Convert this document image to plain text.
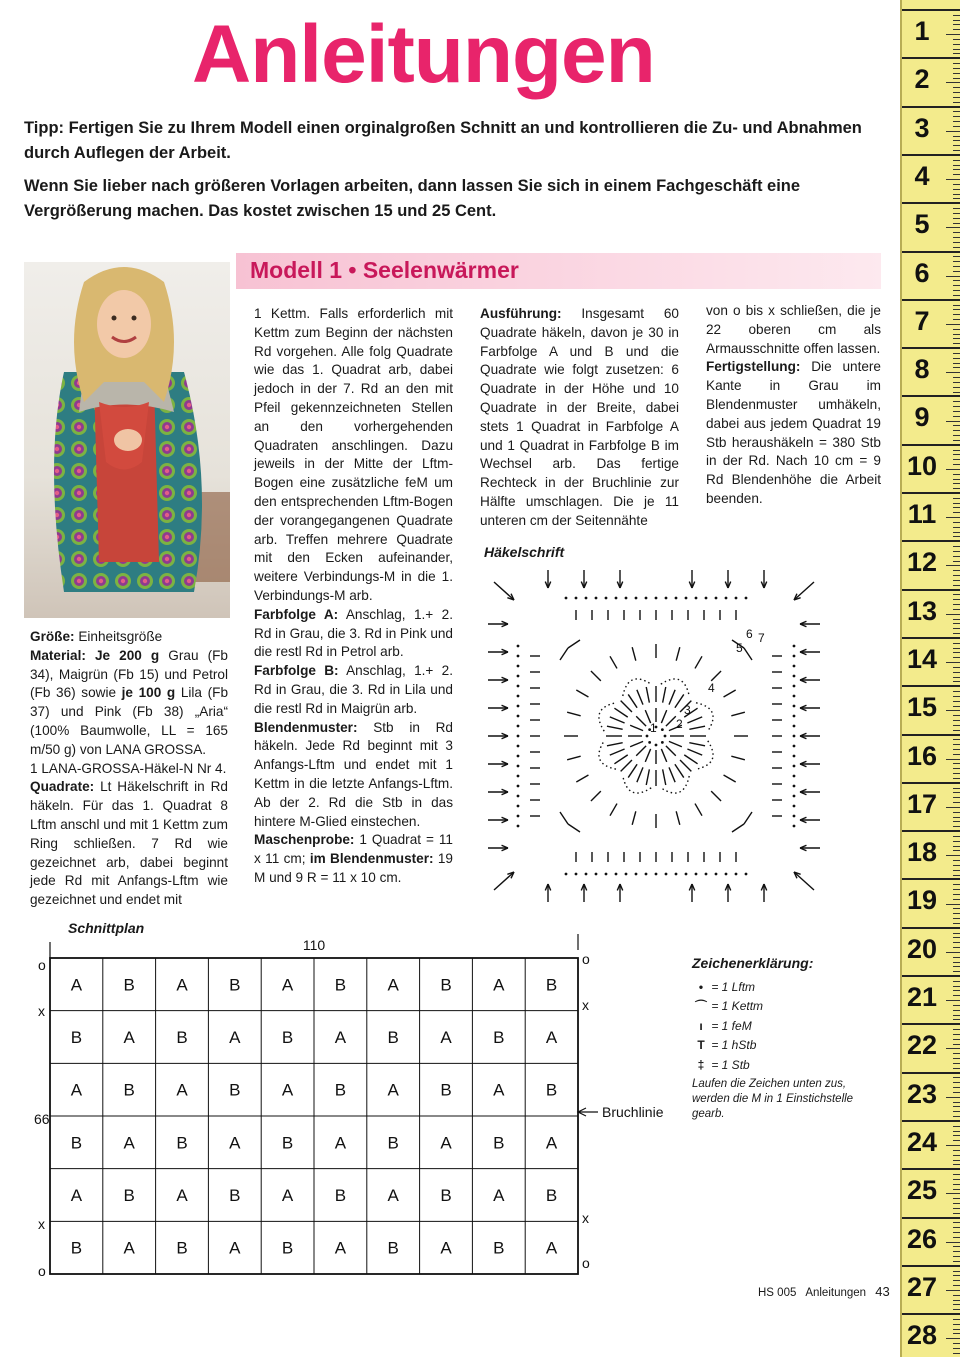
Anleitungen
Tipp: Fertigen Sie zu Ihrem Modell einen orginalgroßen Schnitt an und kontrollieren die Zu- und Abnahmen durch Auflegen der Arbeit.
Wenn Sie lieber nach größeren Vorlagen arbeiten, dann lassen Sie sich in einem Fachgeschäft eine Vergrößerung machen. Das kostet zwischen 15 und 25 Cent.
Modell 1 • Seelenwärmer

Größe: Einheitsgröße

Material: Je 200 g Grau (Fb 34), Maigrün (Fb 15) und Petrol (Fb 36) sowie je 100 g Lila (Fb 37) und Pink (Fb 38) „Aria“ (100% Baumwolle, LL = 165 m/50 g) von LANA GROSSA.

1 LANA-GROSSA-Häkel-N Nr 4.

Quadrate: Lt Häkelschrift in Rd häkeln. Für das 1. Quadrat 8 Lftm anschl und mit 1 Kettm zum Ring schließen. 7 Rd wie gezeichnet arb, dabei beginnt jede Rd mit Anfangs-Lftm wie gezeichnet und endet mit

1 Kettm. Falls erforderlich mit Kettm zum Beginn der nächsten Rd vorgehen. Alle folg Quadrate wie das 1. Quadrat arb, dabei jedoch in der 7. Rd an den mit Pfeil gekennzeichneten Stellen an den vorhergehenden Quadraten anschlingen. Dazu jeweils in der Mitte der Lftm-Bogen eine zusätzliche feM um den entsprechenden Lftm-Bogen der vorangegangenen Quadrate arb. Treffen mehrere Quadrate mit den Ecken aufeinander, weitere Verbindungs-M in die 1. Verbindungs-M arb.

Farbfolge A: Anschlag, 1.+ 2. Rd in Grau, die 3. Rd in Pink und die restl Rd in Petrol arb.

Farbfolge B: Anschlag, 1.+ 2. Rd in Grau, die 3. Rd in Lila und die restl Rd in Maigrün arb.

Blendenmuster: Stb in Rd häkeln. Jede Rd beginnt mit 3 Anfangs-Lftm und endet mit 1 Kettm in die letzte Anfangs-Lftm. Ab der 2. Rd die Stb in das hintere M-Glied einstechen.

Maschenprobe: 1 Quadrat = 11 x 11 cm; im Blendenmuster: 19 M und 9 R = 11 x 10 cm.

Ausführung: Insgesamt 60 Quadrate häkeln, davon je 30 in Farbfolge A und B und die Quadrate wie folgt zusetzen: 6 Quadrate in der Höhe und 10 Quadrate in der Breite, dabei stets 1 Quadrat in Farbfolge A und 1 Quadrat in Farbfolge B im Wechsel arb. Das fertige Rechteck in der Bruchlinie zur Hälfte umschlagen. Die je 11 unteren cm der Seitennähte

von o bis x schließen, die je 22 oberen cm als Armausschnitte offen lassen.

Fertigstellung: Die untere Kante in Grau im Blendenmuster umhäkeln, dabei aus jedem Quadrat 19 Stb heraushäkeln = 380 Stb in der Rd. Nach 10 cm = 9 Rd Blendenhöhe die Arbeit beenden.

Häkelschrift
1 2
3
4
5
6 7
Schnittplan
A B A B A B A B A B
B A B A B A B A B A
A B A B A B A B A B
B A B A B A B A B A
A B A B A B A B A B
B A B A B A B A B A
110
66
o
x
x
o
o
x
x
o
Bruchlinie
Zeichenerklärung:
• = 1 Lftm
⌒ = 1 Kettm
ı = 1 feM
T = 1 hStb
‡ = 1 Stb
Laufen die Zeichen unten zus, werden die M in 1 Einstichstelle gearb.
HS 005 Anleitungen 43
1
2
3
4
5
6
7
8
9
10
11
12
13
14
15
16
17
18
19
20
21
22
23
24
25
26
27
28
